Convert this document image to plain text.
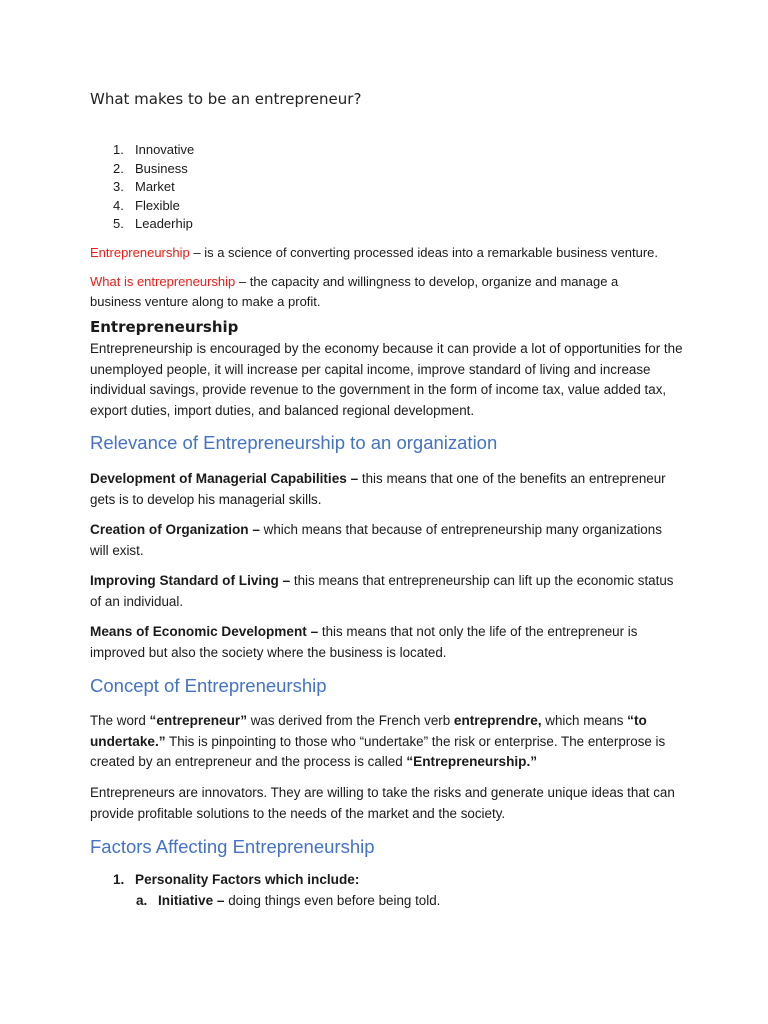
What makes to be an entrepreneur?
1. Innovative
2. Business
3. Market
4. Flexible
5. Leaderhip

Entrepreneurship – is a science of converting processed ideas into a remarkable business venture.

What is entrepreneurship – the capacity and willingness to develop, organize and manage a business venture along to make a profit.

Entrepreneurship

Entrepreneurship is encouraged by the economy because it can provide a lot of opportunities for the unemployed people, it will increase per capital income, improve standard of living and increase individual savings, provide revenue to the government in the form of income tax, value added tax, export duties, import duties, and balanced regional development.

Relevance of Entrepreneurship to an organization

Development of Managerial Capabilities – this means that one of the benefits an entrepreneur gets is to develop his managerial skills.

Creation of Organization – which means that because of entrepreneurship many organizations will exist.

Improving Standard of Living – this means that entrepreneurship can lift up the economic status of an individual.

Means of Economic Development – this means that not only the life of the entrepreneur is improved but also the society where the business is located.

Concept of Entrepreneurship

The word “entrepreneur” was derived from the French verb entreprendre, which means “to undertake.” This is pinpointing to those who “undertake” the risk or enterprise. The enterprose is created by an entrepreneur and the process is called “Entrepreneurship.”

Entrepreneurs are innovators. They are willing to take the risks and generate unique ideas that can provide profitable solutions to the needs of the market and the society.

Factors Affecting Entrepreneurship

1. Personality Factors which include:

a. Initiative – doing things even before being told.
